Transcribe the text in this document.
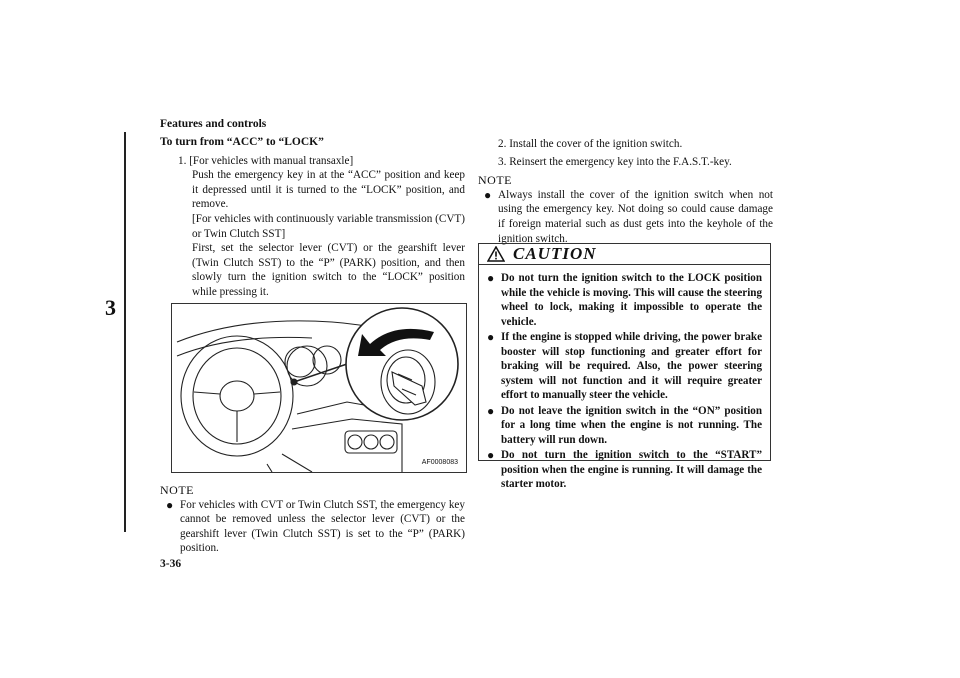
Features and controls
3
3-36
To turn from “ACC” to “LOCK”
1. [For vehicles with manual transaxle]

Push the emergency key in at the “ACC” position and keep it depressed until it is turned to the “LOCK” position, and remove.

[For vehicles with continuously variable transmission (CVT) or Twin Clutch SST]

First, set the selector lever (CVT) or the gearshift lever (Twin Clutch SST) to the “P” (PARK) position, and then slowly turn the ignition switch to the “LOCK” position while pressing it.

AF0008083
NOTE
● For vehicles with CVT or Twin Clutch SST, the emergency key cannot be removed unless the selector lever (CVT) or the gearshift lever (Twin Clutch SST) is set to the “P” (PARK) position.

2. Install the cover of the ignition switch.

3. Reinsert the emergency key into the F.A.S.T.-key.

NOTE
● Always install the cover of the ignition switch when not using the emergency key. Not doing so could cause damage if foreign material such as dust gets into the keyhole of the ignition switch.
CAUTION
● Do not turn the ignition switch to the LOCK position while the vehicle is moving. This will cause the steering wheel to lock, making it impossible to operate the vehicle.
● If the engine is stopped while driving, the power brake booster will stop functioning and greater effort for braking will be required. Also, the power steering system will not function and it will require greater effort to manually steer the vehicle.
● Do not leave the ignition switch in the “ON” position for a long time when the engine is not running. The battery will run down.
● Do not turn the ignition switch to the “START” position when the engine is running. It will damage the starter motor.
